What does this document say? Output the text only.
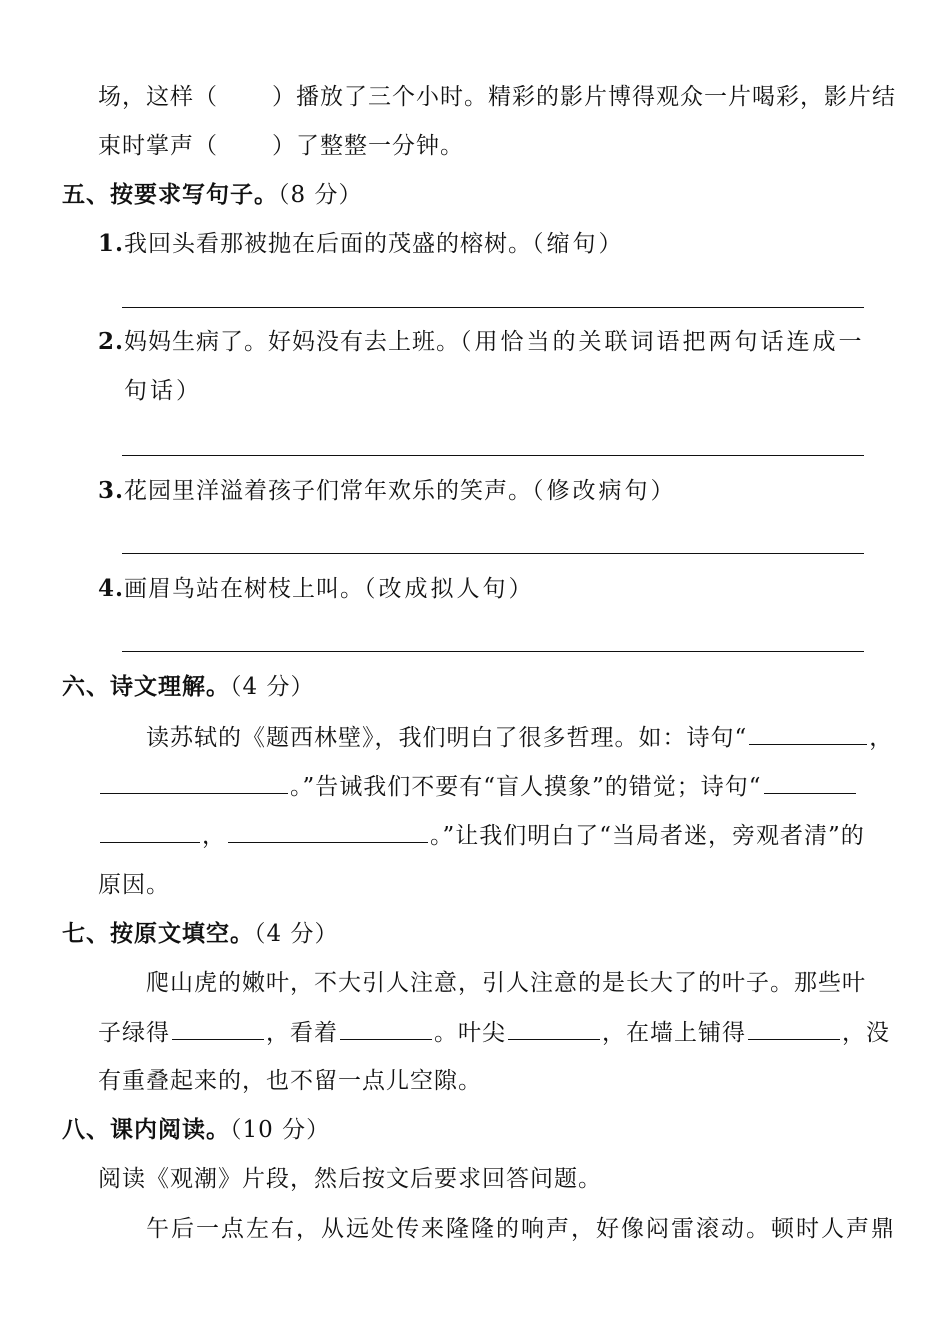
场，这样（ ）播放了三个小时。精彩的影片博得观众一片喝彩，影片结
束时掌声（ ）了整整一分钟。
五、按要求写句子。（8 分）
1.我回头看那被抛在后面的茂盛的榕树。（缩句）
2.妈妈生病了。好妈没有去上班。（用恰当的关联词语把两句话连成一
句话）
3.花园里洋溢着孩子们常年欢乐的笑声。（修改病句）
4.画眉鸟站在树枝上叫。（改成拟人句）
六、诗文理解。（4 分）
读苏轼的《题西林壁》，我们明白了很多哲理。如：诗句“	，
。”告诫我们不要有“盲人摸象”的错觉；诗句“
，	。”让我们明白了“当局者迷，旁观者清”的
原因。
七、按原文填空。（4 分）
爬山虎的嫩叶，不大引人注意，引人注意的是长大了的叶子。那些叶
子绿得	，看着	。叶尖	，在墙上铺得	，没
有重叠起来的，也不留一点儿空隙。
八、课内阅读。（10 分）
阅读《观潮》片段，然后按文后要求回答问题。
午后一点左右，从远处传来隆隆的响声，好像闷雷滚动。顿时人声鼎
